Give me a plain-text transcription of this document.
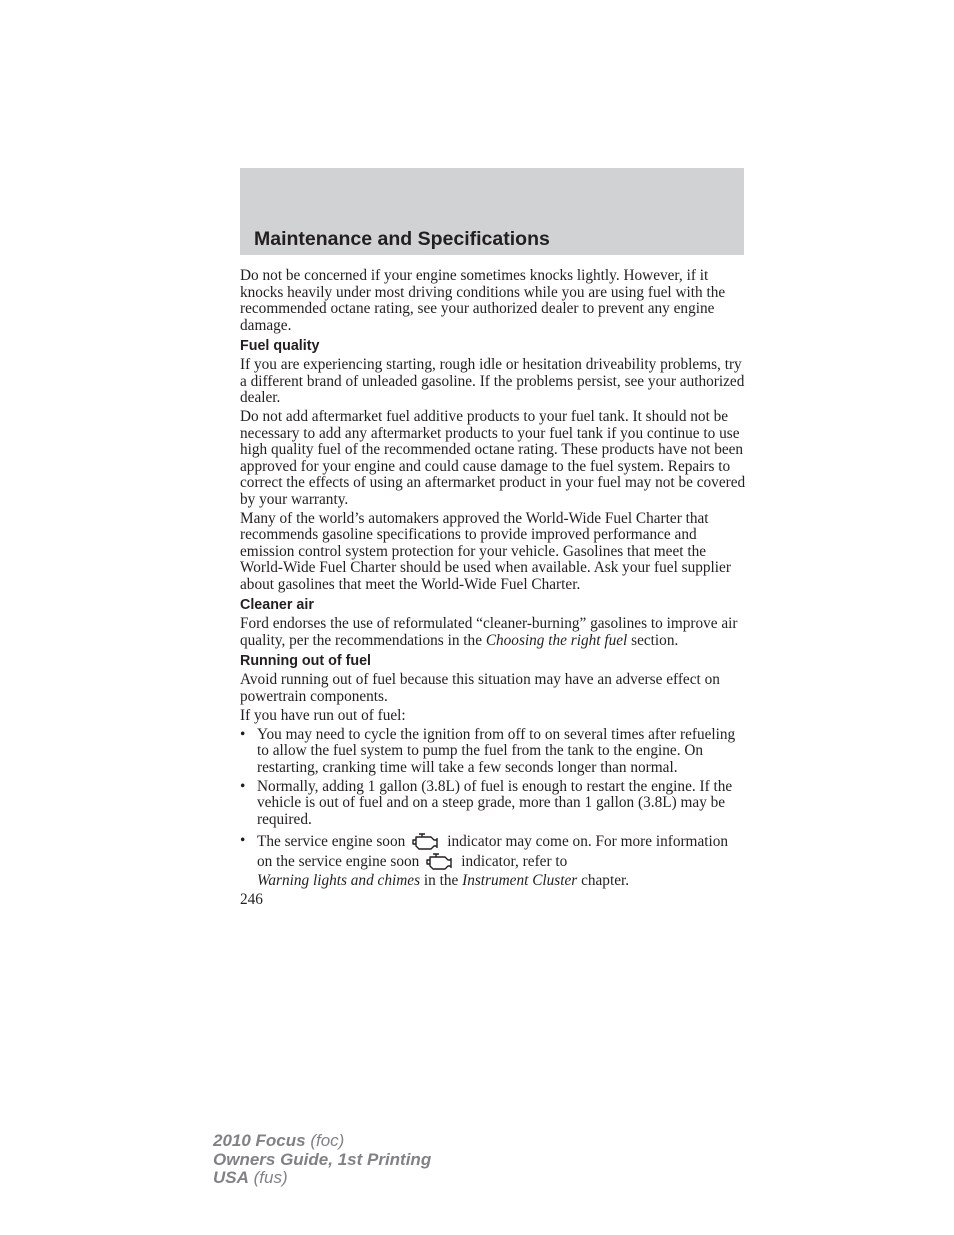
Maintenance and Specifications

Do not be concerned if your engine sometimes knocks lightly. However, if it knocks heavily under most driving conditions while you are using fuel with the recommended octane rating, see your authorized dealer to prevent any engine damage.

Fuel quality

If you are experiencing starting, rough idle or hesitation driveability problems, try a different brand of unleaded gasoline. If the problems persist, see your authorized dealer.

Do not add aftermarket fuel additive products to your fuel tank. It should not be necessary to add any aftermarket products to your fuel tank if you continue to use high quality fuel of the recommended octane rating. These products have not been approved for your engine and could cause damage to the fuel system. Repairs to correct the effects of using an aftermarket product in your fuel may not be covered by your warranty.

Many of the world’s automakers approved the World-Wide Fuel Charter that recommends gasoline specifications to provide improved performance and emission control system protection for your vehicle. Gasolines that meet the World-Wide Fuel Charter should be used when available. Ask your fuel supplier about gasolines that meet the World-Wide Fuel Charter.

Cleaner air

Ford endorses the use of reformulated “cleaner-burning” gasolines to improve air quality, per the recommendations in the Choosing the right fuel section.

Running out of fuel

Avoid running out of fuel because this situation may have an adverse effect on powertrain components.

If you have run out of fuel:

• You may need to cycle the ignition from off to on several times after refueling to allow the fuel system to pump the fuel from the tank to the engine. On restarting, cranking time will take a few seconds longer than normal.
• Normally, adding 1 gallon (3.8L) of fuel is enough to restart the engine. If the vehicle is out of fuel and on a steep grade, more than 1 gallon (3.8L) may be required.
• The service engine soon	indicator may come on. For more information on the service engine soon	indicator, refer to
Warning lights and chimes in the Instrument Cluster chapter.

246

2010 Focus (foc)
Owners Guide, 1st Printing
USA (fus)
